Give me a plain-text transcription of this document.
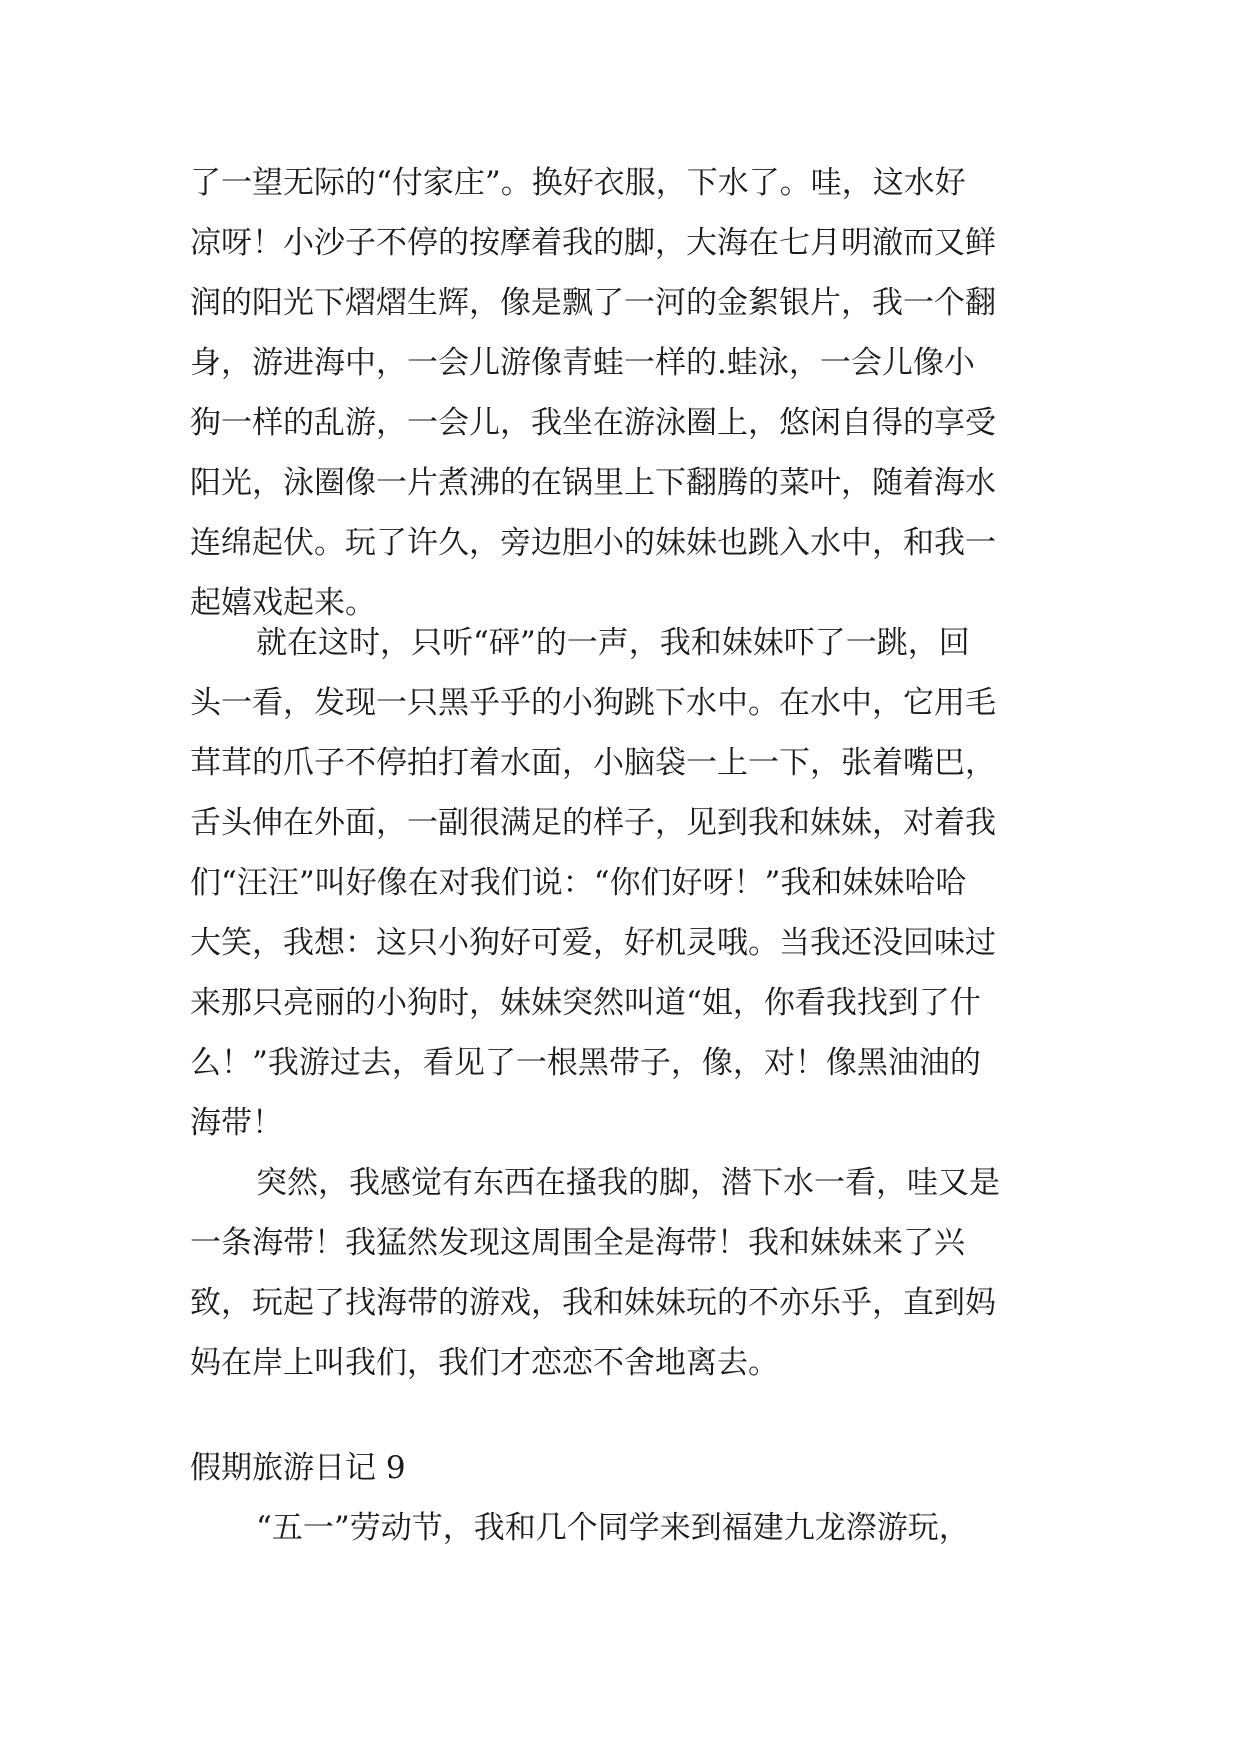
了一望无际的“付家庄”。换好衣服，下水了。哇，这水好
凉呀！小沙子不停的按摩着我的脚，大海在七月明澈而又鲜
润的阳光下熠熠生辉，像是飘了一河的金絮银片，我一个翻
身，游进海中，一会儿游像青蛙一样的.蛙泳，一会儿像小
狗一样的乱游，一会儿，我坐在游泳圈上，悠闲自得的享受
阳光，泳圈像一片煮沸的在锅里上下翻腾的菜叶，随着海水
连绵起伏。玩了许久，旁边胆小的妹妹也跳入水中，和我一
起嬉戏起来。
就在这时，只听“砰”的一声，我和妹妹吓了一跳，回
头一看，发现一只黑乎乎的小狗跳下水中。在水中，它用毛
茸茸的爪子不停拍打着水面，小脑袋一上一下，张着嘴巴，
舌头伸在外面，一副很满足的样子，见到我和妹妹，对着我
们“汪汪”叫好像在对我们说：“你们好呀！”我和妹妹哈哈
大笑，我想：这只小狗好可爱，好机灵哦。当我还没回味过
来那只亮丽的小狗时，妹妹突然叫道“姐，你看我找到了什
么！”我游过去，看见了一根黑带子，像，对！像黑油油的
海带！
突然，我感觉有东西在搔我的脚，潜下水一看，哇又是
一条海带！我猛然发现这周围全是海带！我和妹妹来了兴
致，玩起了找海带的游戏，我和妹妹玩的不亦乐乎，直到妈
妈在岸上叫我们，我们才恋恋不舍地离去。
假期旅游日记 9
“五一”劳动节，我和几个同学来到福建九龙漈游玩，
